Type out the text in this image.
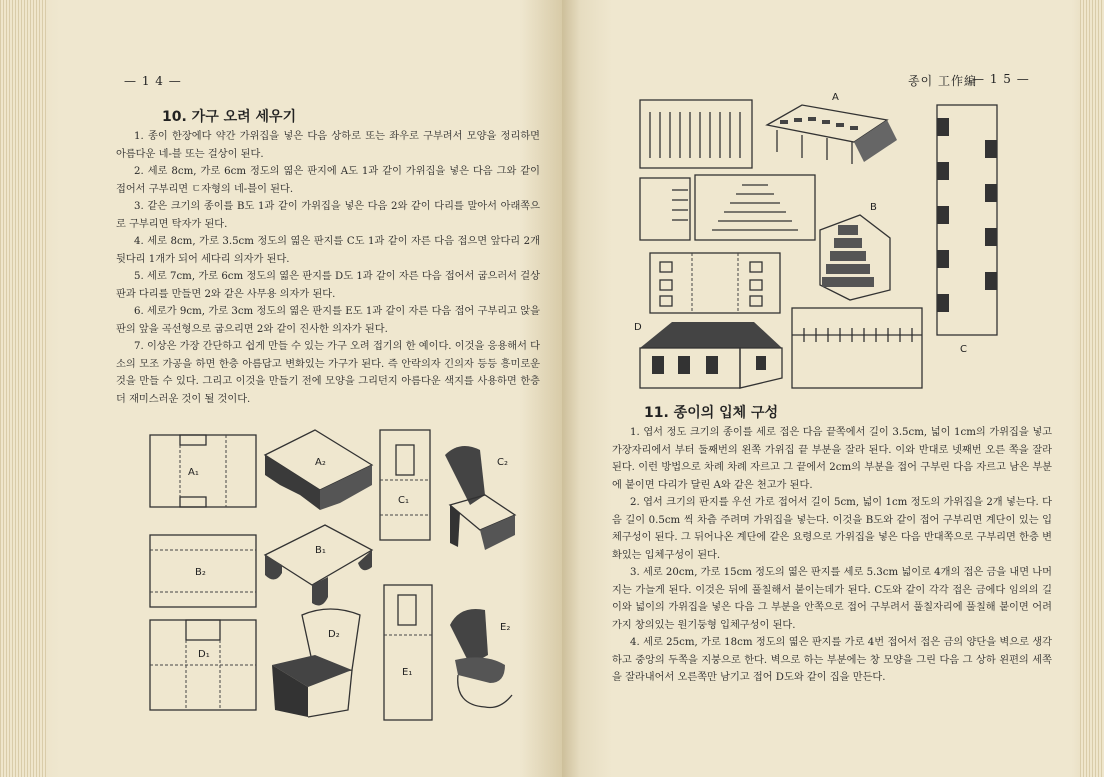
— 1 4 —
10. 가구 오려 세우기

1. 종이 한장에다 약간 가위집을 넣은 다음 상하로 또는 좌우로 구부려서 모양을 정리하면 아름다운 네-블 또는 걸상이 된다.

2. 세로 8cm, 가로 6cm 정도의 엷은 판지에 A도 1과 같이 가위집을 넣은 다음 그와 같이 접어서 구부리면 ㄷ자형의 네-블이 된다.

3. 같은 크기의 종이를 B도 1과 같이 가위집을 넣은 다음 2와 같이 다리를 말아서 아래쪽으로 구부리면 탁자가 된다.

4. 세로 8cm, 가로 3.5cm 정도의 엷은 판지를 C도 1과 같이 자른 다음 접으면 앞다리 2개 뒷다리 1개가 되어 세다리 의자가 된다.

5. 세로 7cm, 가로 6cm 정도의 엷은 판지를 D도 1과 같이 자른 다음 접어서 굽으러서 걸상판과 다리를 만들면 2와 같은 사무용 의자가 된다.

6. 세로가 9cm, 가로 3cm 정도의 엷은 판지를 E도 1과 같이 자른 다음 접어 구부리고 앉을판의 앞을 곡선형으로 굽으리면 2와 같이 진사한 의자가 된다.

7. 이상은 가장 간단하고 쉽게 만들 수 있는 가구 오려 접기의 한 예이다. 이것을 응용해서 다소의 모조 가공을 하면 한층 아름답고 변화있는 가구가 된다. 즉 안락의자 긴의자 등등 흥미로운 것을 만들 수 있다. 그리고 이것을 만들기 전에 모양을 그리던지 아름다운 색지를 사용하면 한층 더 재미스러운 것이 될 것이다.

A₁
A₂
C₁
C₂
B₁
B₂
D₁
D₂
E₁
E₂
종이 工作編
— 1 5 —
A
C
B
D
11. 종이의 입체 구성

1. 엽서 정도 크기의 종이를 세로 접은 다음 끝쪽에서 길이 3.5cm, 넓이 1cm의 가위집을 넣고 가장자리에서 부터 둘째번의 왼쪽 가위집 끝 부분을 잘라 된다. 이와 반대로 넷째번 오른 쪽을 잘라 된다. 이런 방법으로 차례 차례 자르고 그 끝에서 2cm의 부분을 접어 구부린 다음 자르고 남은 부분에 붙이면 다리가 달린 A와 같은 천고가 된다.

2. 엽서 크기의 판지를 우선 가로 접어서 길이 5cm, 넓이 1cm 정도의 가위집을 2개 넣는다. 다음 길이 0.5cm 씩 차츰 주려며 가위집을 넣는다. 이것을 B도와 같이 접어 구부리면 계단이 있는 입체구성이 된다. 그 뒤어나온 계단에 같은 요령으로 가위집을 넣은 다음 반대쪽으로 구부리면 한층 변화있는 입체구성이 된다.

3. 세로 20cm, 가로 15cm 정도의 엷은 판지를 세로 5.3cm 넓이로 4개의 접은 금을 내면 나머지는 가늘게 된다. 이것은 뒤에 풀칠해서 붙이는데가 된다. C도와 같이 각각 접은 금에다 임의의 길이와 넓이의 가위집을 넣은 다음 그 부분을 안쪽으로 접어 구부려서 풀칠자리에 풀칠해 붙이면 어려가지 창의있는 원기둥형 입체구성이 된다.

4. 세로 25cm, 가로 18cm 정도의 엷은 판지를 가로 4번 접어서 접은 금의 양단을 벽으로 생각하고 중앙의 두쪽을 지붕으로 한다. 벽으로 하는 부분에는 창 모양을 그린 다음 그 상하 왼편의 세쪽을 잘라내어서 오른쪽만 남기고 접어 D도와 같이 집을 만든다.
